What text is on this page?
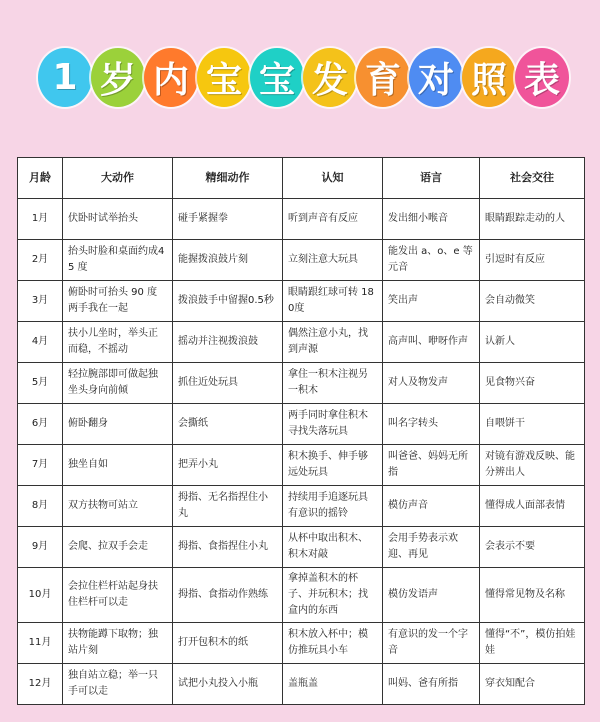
1 岁 内 宝 宝 发 育 对 照 表
月龄	大动作	精细动作	认知	语言	社会交往
1月	伏卧时试举抬头	碰手紧握拳	听到声音有反应	发出细小喉音	眼睛跟踪走动的人
2月	抬头时脸和桌面约成45 度	能握拨浪鼓片刻	立刻注意大玩具	能发出 a、o、e 等元音	引逗时有反应
3月	俯卧时可抬头 90 度两手我在一起	拨浪鼓手中留握0.5秒	眼睛跟红球可转 180度	笑出声	会自动微笑
4月	扶小儿坐时，举头正而稳，不摇动	摇动并注视拨浪鼓	偶然注意小丸，找到声源	高声叫、咿呀作声	认新人
5月	轻拉腕部即可做起独坐头身向前倾	抓住近处玩具	拿住一积木注视另一积木	对人及物发声	见食物兴奋
6月	俯卧翻身	会撕纸	两手同时拿住积木寻找失落玩具	叫名字转头	自喂饼干
7月	独坐自如	把弄小丸	积木换手、伸手够远处玩具	叫爸爸、妈妈无所指	对镜有游戏反映、能分辨出人
8月	双方扶物可站立	拇指、无名指捏住小丸	持续用手追逐玩具有意识的摇铃	模仿声音	懂得成人面部表情
9月	会爬、拉双手会走	拇指、食指捏住小丸	从杯中取出积木、积木对敲	会用手势表示欢迎、再见	会表示不要
10月	会拉住栏杆站起身扶住栏杆可以走	拇指、食指动作熟练	拿掉盖积木的杯子、并玩积木；找盒内的东西	模仿发语声	懂得常见物及名称
11月	扶物能蹲下取物；独站片刻	打开包积木的纸	积木放入杯中；模仿推玩具小车	有意识的发一个字音	懂得“不”，模仿拍娃娃
12月	独自站立稳；举一只手可以走	试把小丸投入小瓶	盖瓶盖	叫妈、爸有所指	穿衣知配合
